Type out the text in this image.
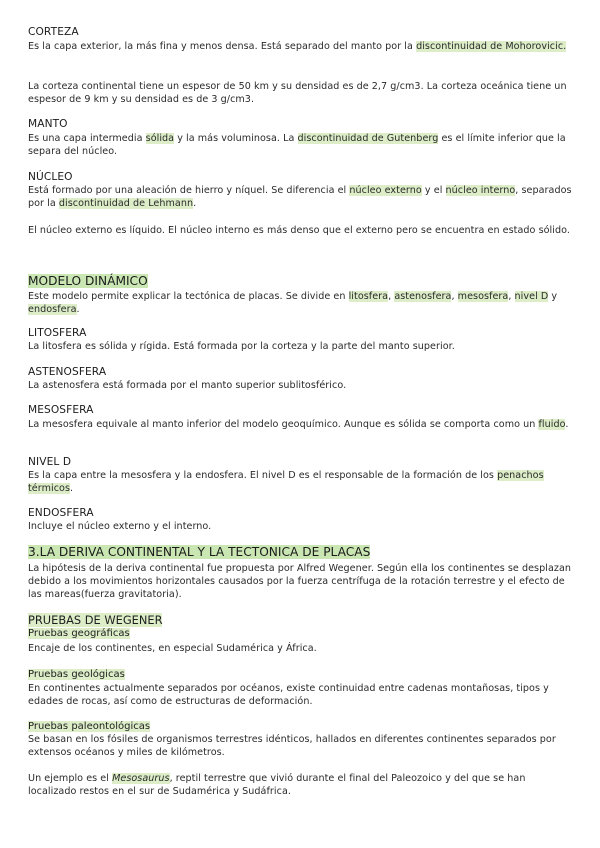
CORTEZA
Es la capa exterior, la más fina y menos densa. Está separado del manto por la discontinuidad de Mohorovicic.
La corteza continental tiene un espesor de 50 km y su densidad es de 2,7 g/cm3. La corteza oceánica tiene un espesor de 9 km y su densidad es de 3 g/cm3.
MANTO
Es una capa intermedia sólida y la más voluminosa. La discontinuidad de Gutenberg es el límite inferior que la separa del núcleo.
NÚCLEO
Está formado por una aleación de hierro y níquel. Se diferencia el núcleo externo y el núcleo interno, separados por la discontinuidad de Lehmann.
El núcleo externo es líquido. El núcleo interno es más denso que el externo pero se encuentra en estado sólido.
MODELO DINÁMICO
Este modelo permite explicar la tectónica de placas. Se divide en litosfera, astenosfera, mesosfera, nivel D y endosfera.
LITOSFERA
La litosfera es sólida y rígida. Está formada por la corteza y la parte del manto superior.
ASTENOSFERA
La astenosfera está formada por el manto superior sublitosférico.
MESOSFERA
La mesosfera equivale al manto inferior del modelo geoquímico. Aunque es sólida se comporta como un fluido.
NIVEL D
Es la capa entre la mesosfera y la endosfera. El nivel D es el responsable de la formación de los penachos térmicos.
ENDOSFERA
Incluye el núcleo externo y el interno.
3.LA DERIVA CONTINENTAL Y LA TECTONICA DE PLACAS
La hipótesis de la deriva continental fue propuesta por Alfred Wegener. Según ella los continentes se desplazan debido a los movimientos horizontales causados por la fuerza centrífuga de la rotación terrestre y el efecto de las mareas(fuerza gravitatoria).
PRUEBAS DE WEGENER
Pruebas geográficas
Encaje de los continentes, en especial Sudamérica y África.
Pruebas geológicas
En continentes actualmente separados por océanos, existe continuidad entre cadenas montañosas, tipos y edades de rocas, así como de estructuras de deformación.
Pruebas paleontológicas
Se basan en los fósiles de organismos terrestres idénticos, hallados en diferentes continentes separados por extensos océanos y miles de kilómetros.
Un ejemplo es el Mesosaurus, reptil terrestre que vivió durante el final del Paleozoico y del que se han localizado restos en el sur de Sudamérica y Sudáfrica.
